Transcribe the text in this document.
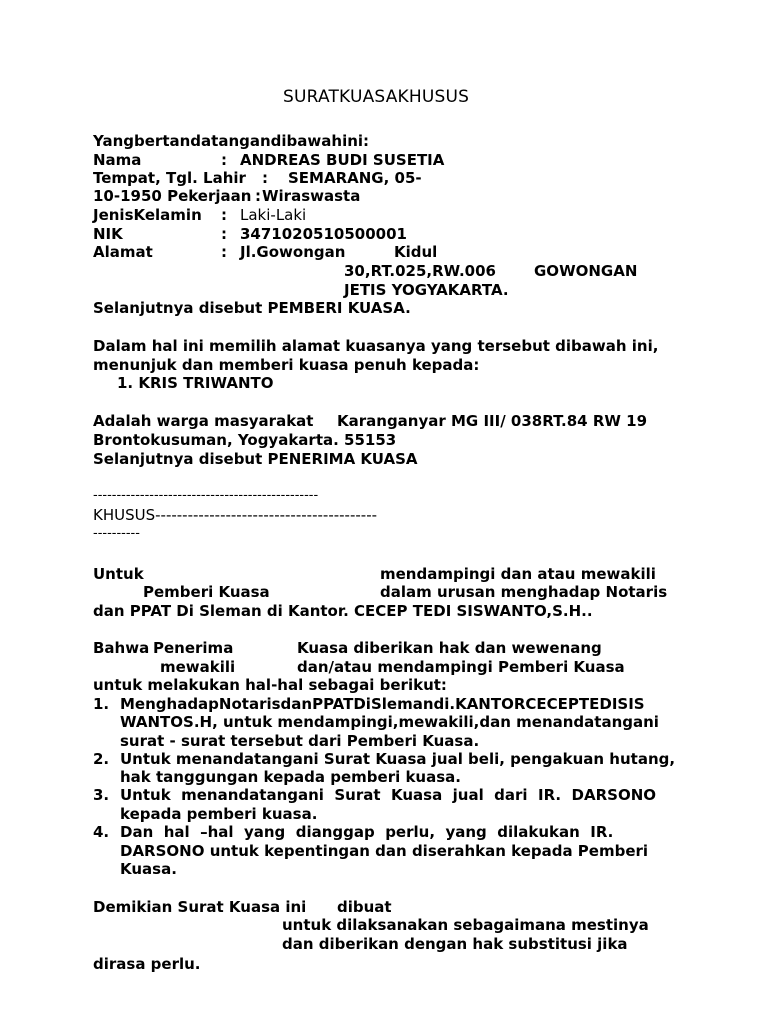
SURATKUASAKHUSUS
Yangbertandatangandibawahini:
Nama	: ANDREAS BUDI SUSETIA
Tempat, Tgl. Lahir : SEMARANG, 05-
10-1950 Pekerjaan : Wiraswasta
JenisKelamin : Laki-Laki
NIK	: 3471020510500001
Alamat	: Jl.Gowongan	Kidul
30,RT.025,RW.006	GOWONGAN
JETIS YOGYAKARTA.
Selanjutnya disebut PEMBERI KUASA.
Dalam hal ini memilih alamat kuasanya yang tersebut dibawah ini,
menunjuk dan memberi kuasa penuh kepada:
1. KRIS TRIWANTO
Adalah warga masyarakat Karanganyar MG III/ 038RT.84 RW 19
Brontokusuman, Yogyakarta. 55153
Selanjutnya disebut PENERIMA KUASA
------------------------------------------------
KHUSUS-----------------------------------------
----------
Untuk	mendampingi dan atau mewakili
Pemberi Kuasa	dalam urusan menghadap Notaris
dan PPAT Di Sleman di Kantor. CECEP TEDI SISWANTO,S.H..
Bahwa Penerima	Kuasa diberikan hak dan wewenang
mewakili	dan/atau mendampingi Pemberi Kuasa
untuk melakukan hal-hal sebagai berikut:
1. MenghadapNotarisdanPPATDiSlemandi.KANTORCECEPTEDISIS
WANTOS.H, untuk mendampingi,mewakili,dan menandatangani
surat - surat tersebut dari Pemberi Kuasa.
2. Untuk menandatangani Surat Kuasa jual beli, pengakuan hutang,
hak tanggungan kepada pemberi kuasa.
3. Untuk  menandatangani  Surat  Kuasa  jual  dari  IR.  DARSONO
kepada pemberi kuasa.
4. Dan  hal  –hal  yang  dianggap  perlu,  yang  dilakukan  IR.
DARSONO untuk kepentingan dan diserahkan kepada Pemberi
Kuasa.
Demikian Surat Kuasa ini dibuat
untuk dilaksanakan sebagaimana mestinya
dan diberikan dengan hak substitusi jika
dirasa perlu.
